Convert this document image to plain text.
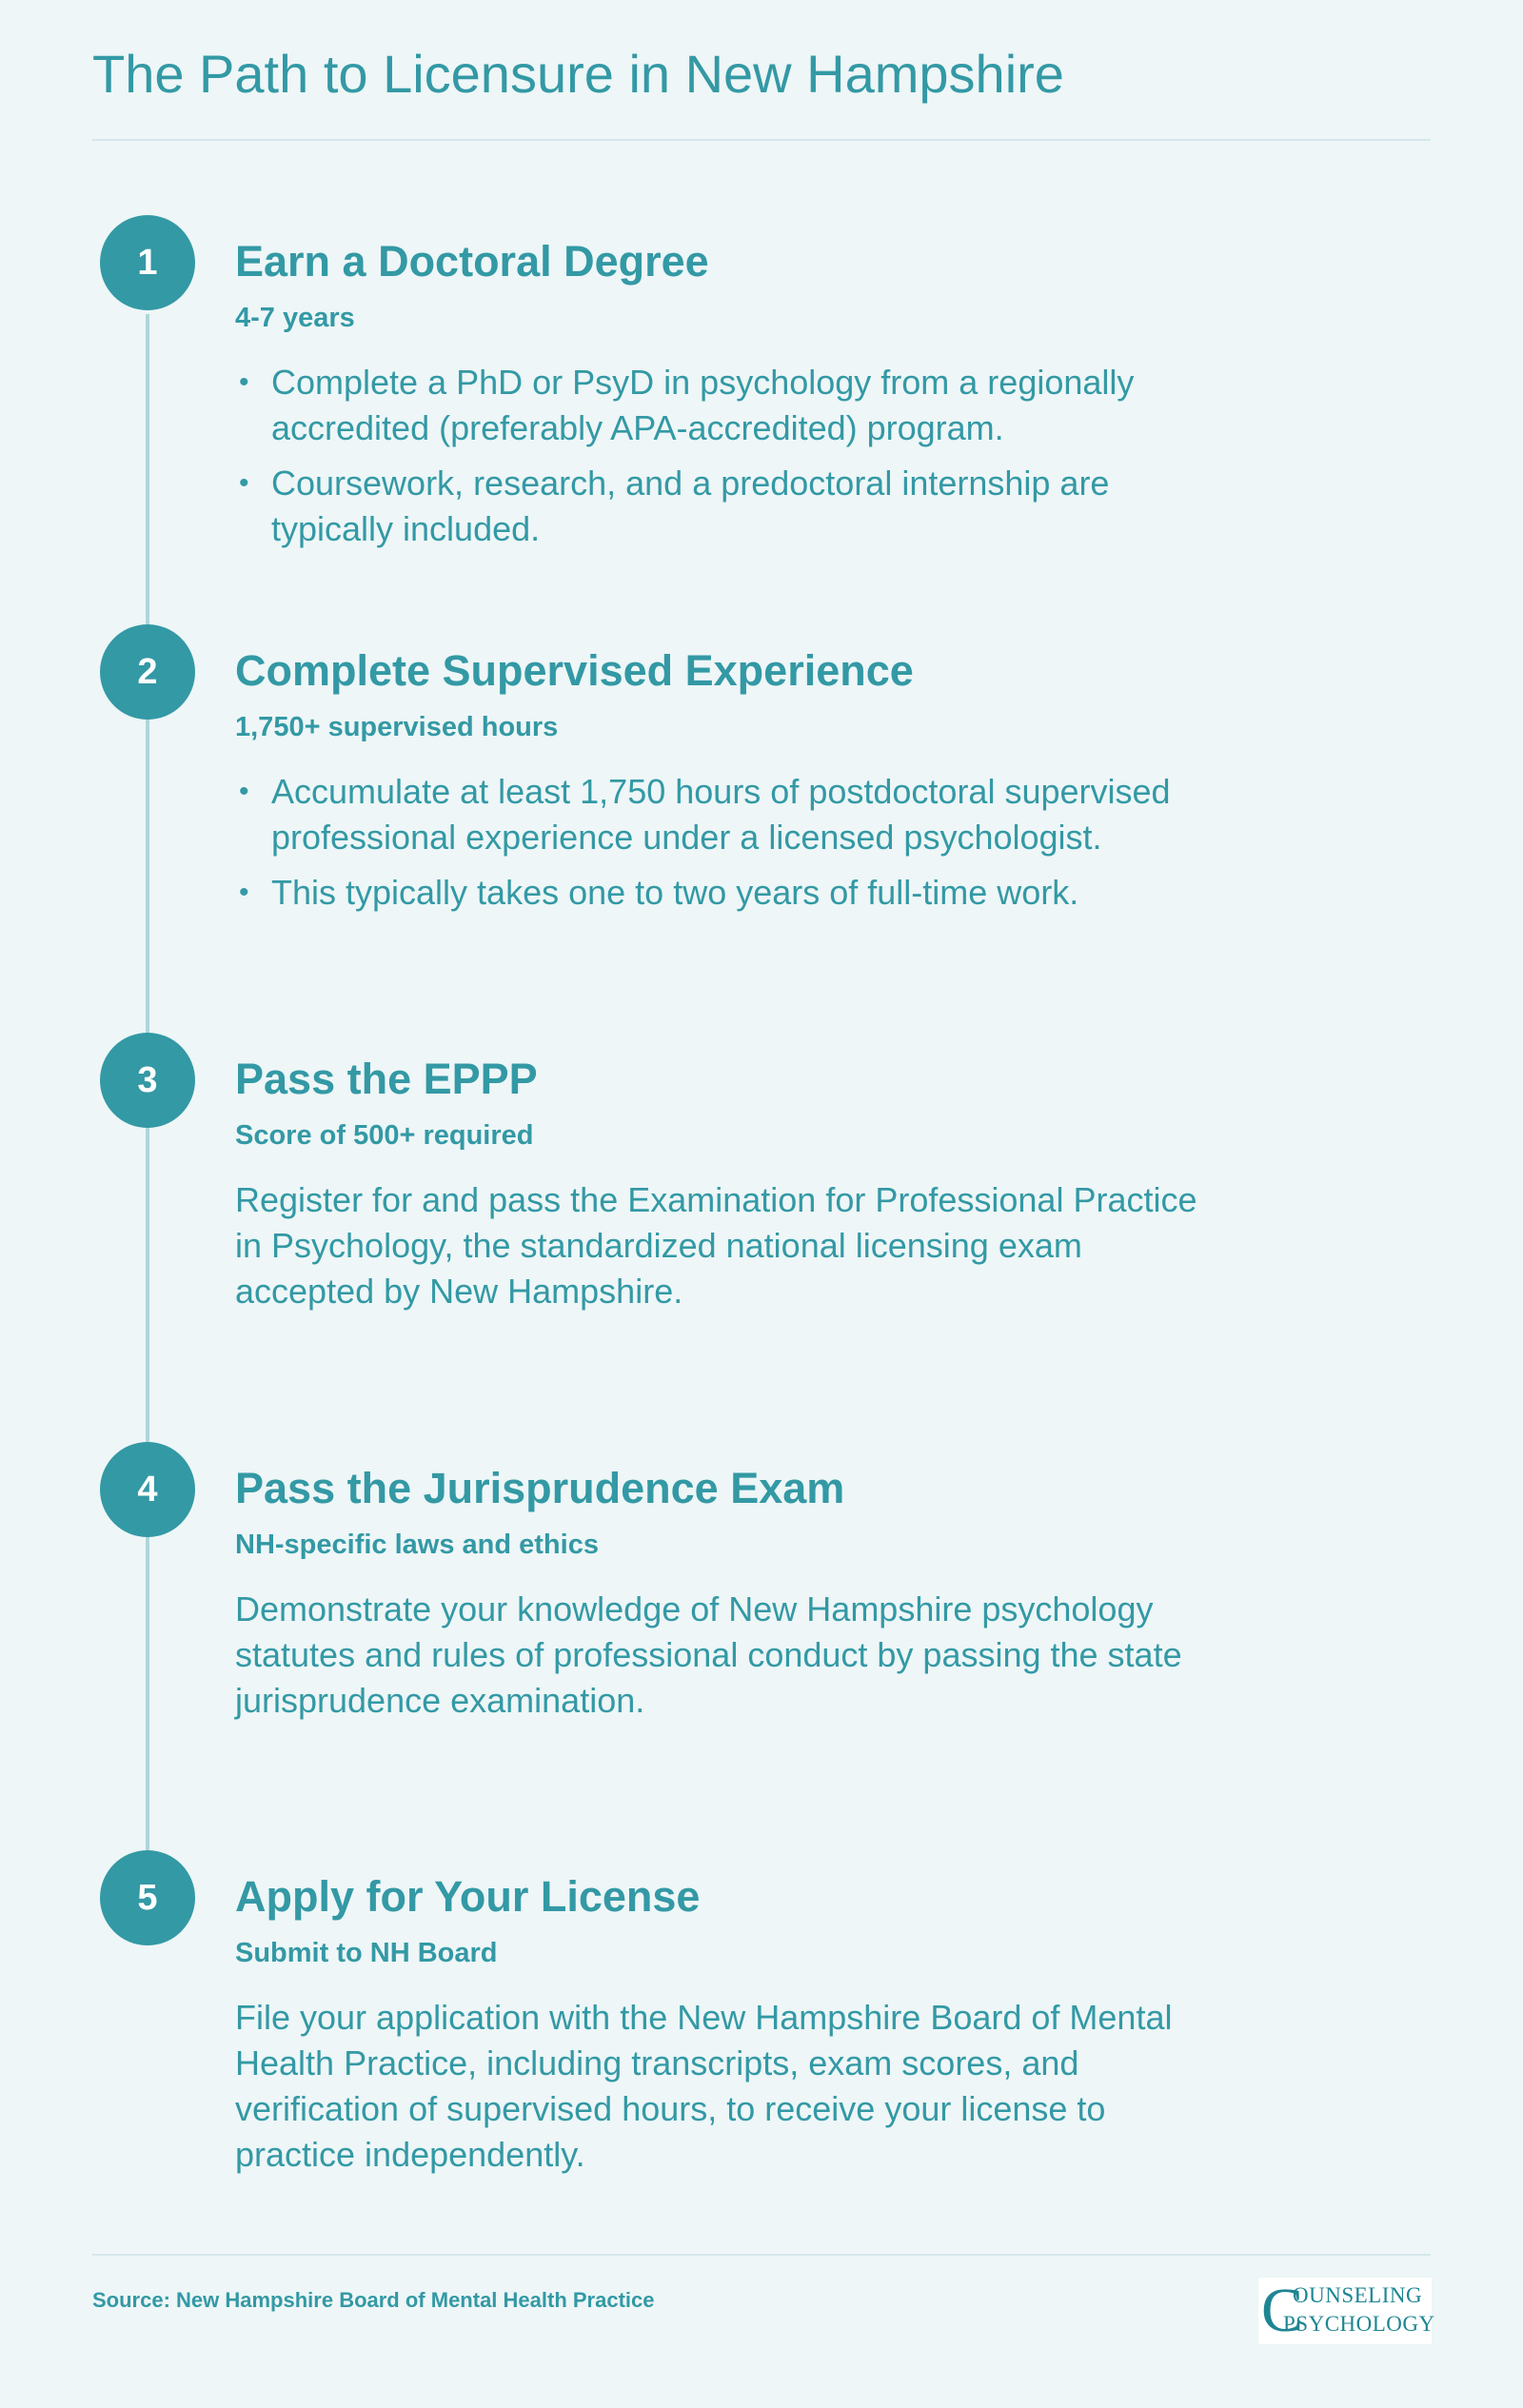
The Path to Licensure in New Hampshire
1	Earn a Doctoral Degree
4-7 years
• Complete a PhD or PsyD in psychology from a regionally accredited (preferably APA-accredited) program.
• Coursework, research, and a predoctoral internship are typically included.
2	Complete Supervised Experience
1,750+ supervised hours
• Accumulate at least 1,750 hours of postdoctoral supervised professional experience under a licensed psychologist.
• This typically takes one to two years of full-time work.
3	Pass the EPPP
Score of 500+ required

Register for and pass the Examination for Professional Practice in Psychology, the standardized national licensing exam accepted by New Hampshire.

4	Pass the Jurisprudence Exam
NH-specific laws and ethics

Demonstrate your knowledge of New Hampshire psychology statutes and rules of professional conduct by passing the state jurisprudence examination.

5	Apply for Your License
Submit to NH Board

File your application with the New Hampshire Board of Mental Health Practice, including transcripts, exam scores, and verification of supervised hours, to receive your license to practice independently.

Source: New Hampshire Board of Mental Health Practice	C
OUNSELING
PSYCHOLOGY
